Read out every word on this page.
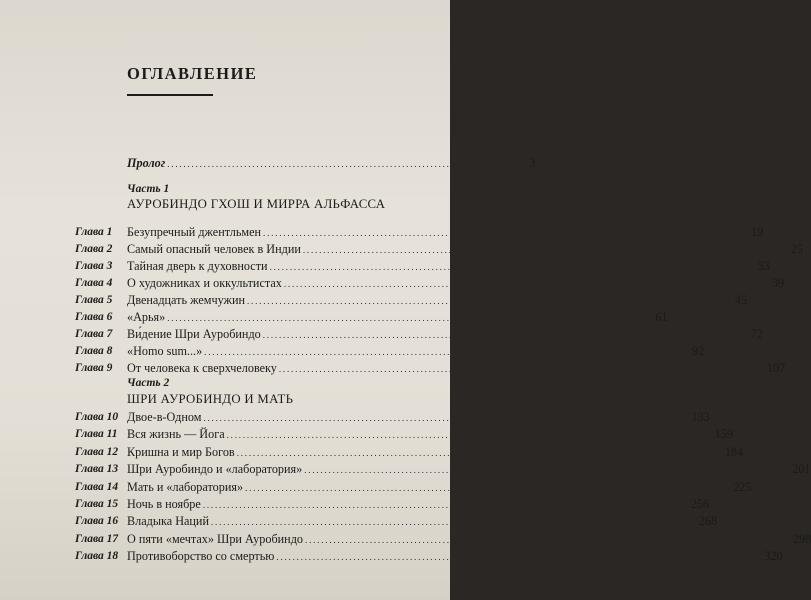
ОГЛАВЛЕНИЕ
Пролог ......................................................................................... 3
Часть 1
АУРОБИНДО ГХОШ И МИРРА АЛЬФАССА
Глава 1 Безупречный джентльмен ........................................................................................................................ 19
Глава 2 Самый опасный человек в Индии ........................................................................................................................ 25
Глава 3 Тайная дверь к духовности ........................................................................................................................ 33
Глава 4 О художниках и оккультистах ........................................................................................................................ 39
Глава 5 Двенадцать жемчужин ........................................................................................................................ 45
Глава 6 «Арья» ........................................................................................................................ 61
Глава 7 Ви́дение Шри Ауробиндо ........................................................................................................................ 72
Глава 8 «Homo sum...» ........................................................................................................................ 92
Глава 9 От человека к сверхчеловеку ........................................................................................................................ 107
Часть 2
ШРИ АУРОБИНДО И МАТЬ
Глава 10 Двое-в-Одном ........................................................................................................................ 133
Глава 11 Вся жизнь — Йога ........................................................................................................................ 159
Глава 12 Кришна и мир Богов ........................................................................................................................ 184
Глава 13 Шри Ауробиндо и «лаборатория» ........................................................................................................................ 201
Глава 14 Мать и «лаборатория» ........................................................................................................................ 225
Глава 15 Ночь в ноябре ........................................................................................................................ 256
Глава 16 Владыка Наций ........................................................................................................................ 268
Глава 17 О пяти «мечтах» Шри Ауробиндо ........................................................................................................................ 298
Глава 18 Противоборство со смертью ........................................................................................................................ 320
